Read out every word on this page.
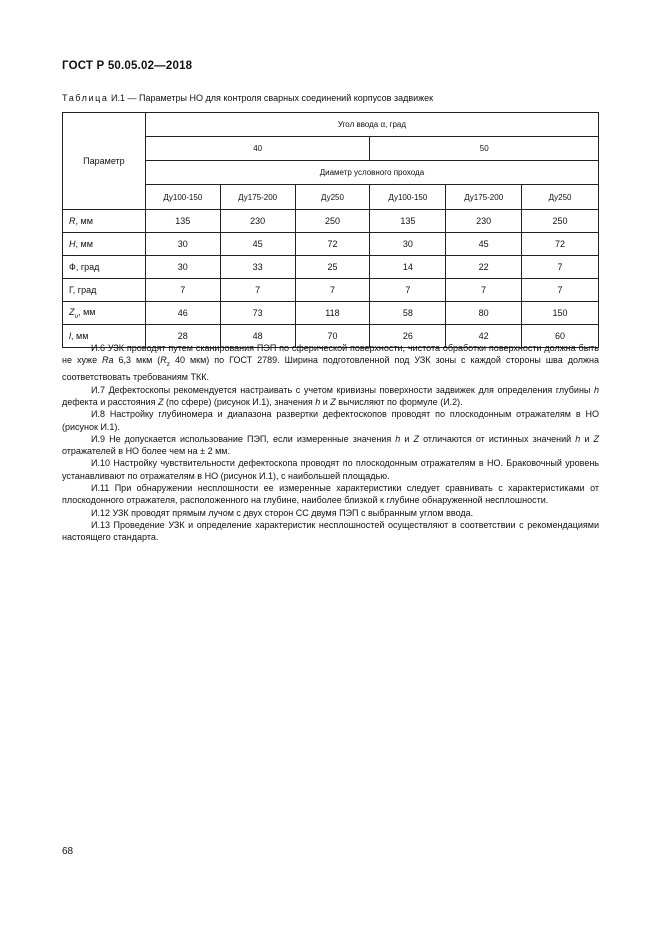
ГОСТ Р 50.05.02—2018
Таблица И.1 — Параметры НО для контроля сварных соединений корпусов задвижек
Параметр	Угол ввода α, град					
	40			50		
	Диаметр условного прохода					
	Ду100-150	Ду175-200	Ду250	Ду100-150	Ду175-200	Ду250
R, мм	135	230	250	135	230	250
H, мм	30	45	72	30	45	72
Ф, град	30	33	25	14	22	7
Г, град	7	7	7	7	7	7
$Z_\upsilon$, мм	46	73	118	58	80	150
l, мм	28	48	70	26	42	60

И.6 УЗК проводят путем сканирования ПЭП по сферической поверхности, чистота обработки поверхности должна быть не хуже Ra 6,3 мкм ($R_z$ 40 мкм) по ГОСТ 2789. Ширина подготовленной под УЗК зоны с каждой стороны шва должна соответствовать требованиям ТКК.

И.7 Дефектоскопы рекомендуется настраивать с учетом кривизны поверхности задвижек для определения глубины h дефекта и расстояния Z (по сфере) (рисунок И.1), значения h и Z вычисляют по формуле (И.2).

И.8 Настройку глубиномера и диапазона развертки дефектоскопов проводят по плоскодонным отражателям в НО (рисунок И.1).

И.9 Не допускается использование ПЭП, если измеренные значения h и Z отличаются от истинных значений h и Z отражателей в НО более чем на ± 2 мм.

И.10 Настройку чувствительности дефектоскопа проводят по плоскодонным отражателям в НО. Браковочный уровень устанавливают по отражателям в НО (рисунок И.1), с наибольшей площадью.

И.11 При обнаружении несплошности ее измеренные характеристики следует сравнивать с характеристиками от плоскодонного отражателя, расположенного на глубине, наиболее близкой к глубине обнаруженной несплошности.

И.12 УЗК проводят прямым лучом с двух сторон СС двумя ПЭП с выбранным углом ввода.

И.13 Проведение УЗК и определение характеристик несплошностей осуществляют в соответствии с рекомендациями настоящего стандарта.

68
